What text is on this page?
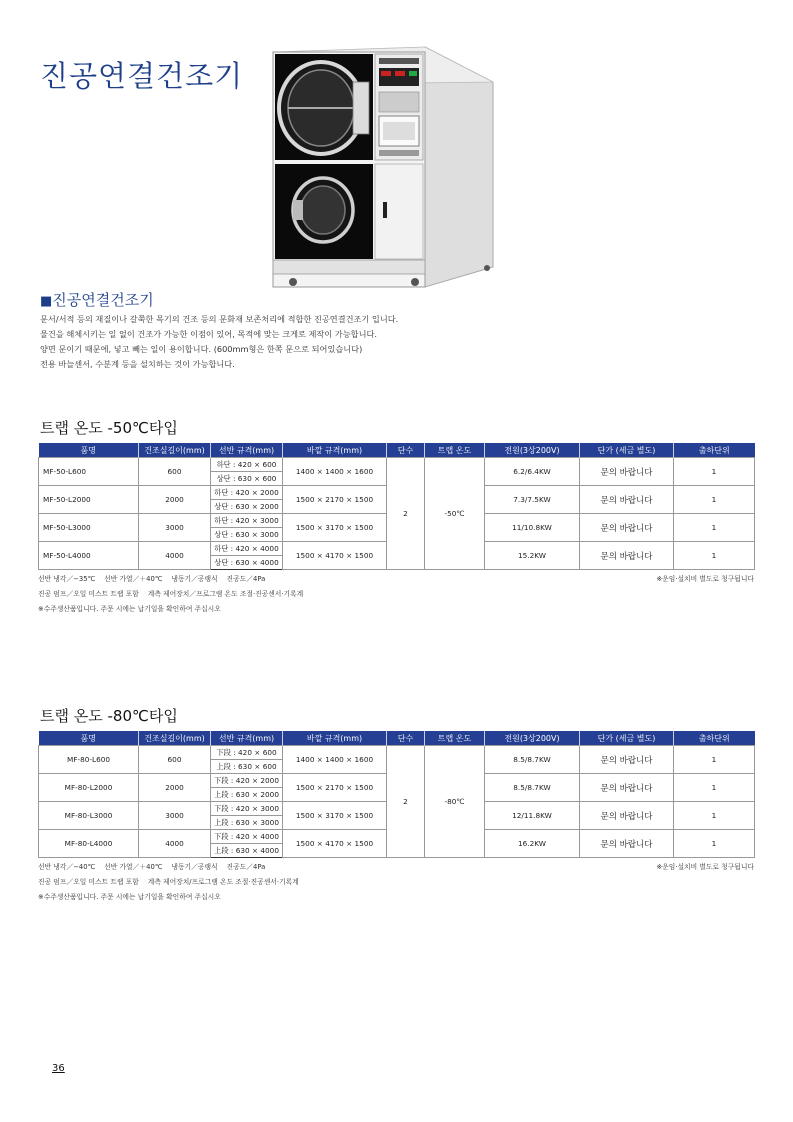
진공연결건조기
■진공연결건조기

문서/서적 등의 재질이나 갈쭉한 목기의 건조 등의 문화재 보존처리에 적합한 진공연결건조기 입니다.

물건을 해체시키는 일 없이 건조가 가능한 이점이 있어, 목적에 맞는 크게로 제작이 가능합니다.

양면 문이기 때문에, 넣고 빼는 일이 용이합니다. (600mm형은 한쪽 문으로 되어있습니다)

전용 바늘센서, 수분계 등을 설치하는 것이 가능합니다.

트랩 온도 -50℃타입
품명	건조실길이(mm)	선반 규격(mm)	바깥 규격(mm)	단수	트랩 온도	전원(3상200V)	단가 (세금 별도)	출하단위
MF-50-L600	600	하단 : 420 × 600	1400 × 1400 × 1600	2	-50℃	6.2/6.4KW	문의 바랍니다	1
		상단 : 630 × 600						
MF-50-L2000	2000	하단 : 420 × 2000	1500 × 2170 × 1500			7.3/7.5KW	문의 바랍니다	1
		상단 : 630 × 2000						
MF-50-L3000	3000	하단 : 420 × 3000	1500 × 3170 × 1500			11/10.8KW	문의 바랍니다	1
		상단 : 630 × 3000						
MF-50-L4000	4000	하단 : 420 × 4000	1500 × 4170 × 1500			15.2KW	문의 바랍니다	1
		상단 : 630 × 4000						
※운임·설치비 별도로 청구됩니다

선반 냉각／−35℃　 선반 가열／＋40℃　 냉동기／공랭식　 진공도／4Pa

진공 펌프／오일 미스트 트랩 포함　 계측 제어장치／프로그램 온도 조절·진공센서·기록계

※수주생산품입니다. 주문 시에는 납기일을 확인하여 주십시오

트랩 온도 -80℃타입
품명	건조실길이(mm)	선반 규격(mm)	바깥 규격(mm)	단수	트랩 온도	전원(3상200V)	단가 (세금 별도)	출하단위
MF-80-L600	600	下段 : 420 × 600	1400 × 1400 × 1600	2	-80℃	8.5/8.7KW	문의 바랍니다	1
		上段 : 630 × 600						
MF-80-L2000	2000	下段 : 420 × 2000	1500 × 2170 × 1500			8.5/8.7KW	문의 바랍니다	1
		上段 : 630 × 2000						
MF-80-L3000	3000	下段 : 420 × 3000	1500 × 3170 × 1500			12/11.8KW	문의 바랍니다	1
		上段 : 630 × 3000						
MF-80-L4000	4000	下段 : 420 × 4000	1500 × 4170 × 1500			16.2KW	문의 바랍니다	1
		上段 : 630 × 4000						
※운임·설치비 별도로 청구됩니다

선반 냉각／−40℃　 선반 가열／＋40℃　 냉동기／공랭식　 진공도／4Pa

진공 펌프／오일 미스트 트랩 포함　 계측 제어장치/프로그램 온도 조절·진공센서·기록계

※수주생산품입니다. 주문 시에는 납기일을 확인하여 주십시오

36
